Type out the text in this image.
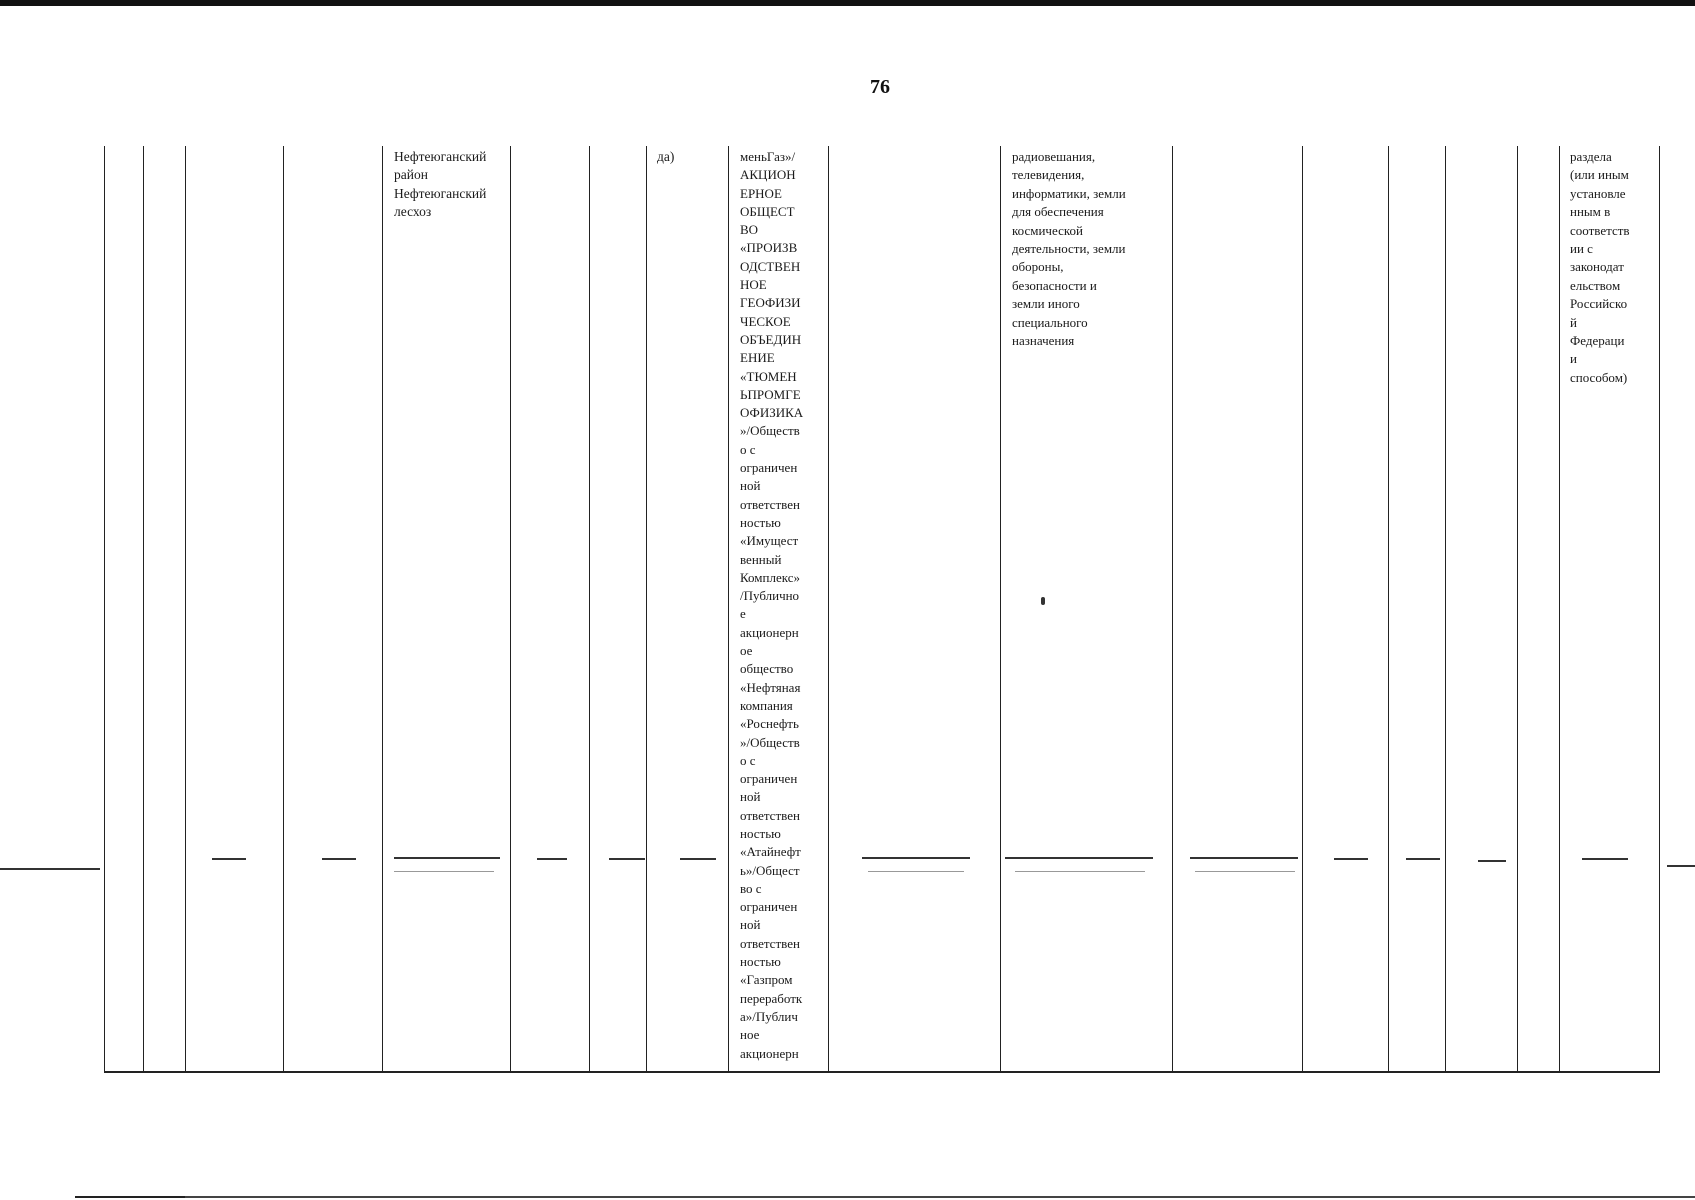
76
Нефтеюганский район
Нефтеюганский лесхоз
да)	меньГаз»/
АКЦИОН
ЕРНОЕ
ОБЩЕСТ
ВО
«ПРОИЗВ
ОДСТВЕН
НОЕ
ГЕОФИЗИ
ЧЕСКОЕ
ОБЪЕДИН
ЕНИЕ
«ТЮМЕН
ЬПРОМГЕ
ОФИЗИКА
»/Обществ
о с
ограничен
ной
ответствен
ностью
«Имущест
венный
Комплекс»
/Публично
е
акционерн
ое
общество
«Нефтяная
компания
«Роснефть
»/Обществ
о с
ограничен
ной
ответствен
ностью
«Атайнефт
ь»/Общест
во с
ограничен
ной
ответствен
ностью
«Газпром
переработк
а»/Публич
ное
акционерн
радиовешания,
телевидения,
информатики, земли
для обеспечения
космической
деятельности, земли
обороны,
безопасности и
земли иного
специального
назначения
раздела
(или иным
установле
нным в
соответств
ии с
законодат
ельством
Российско
й
Федераци
и
способом)
